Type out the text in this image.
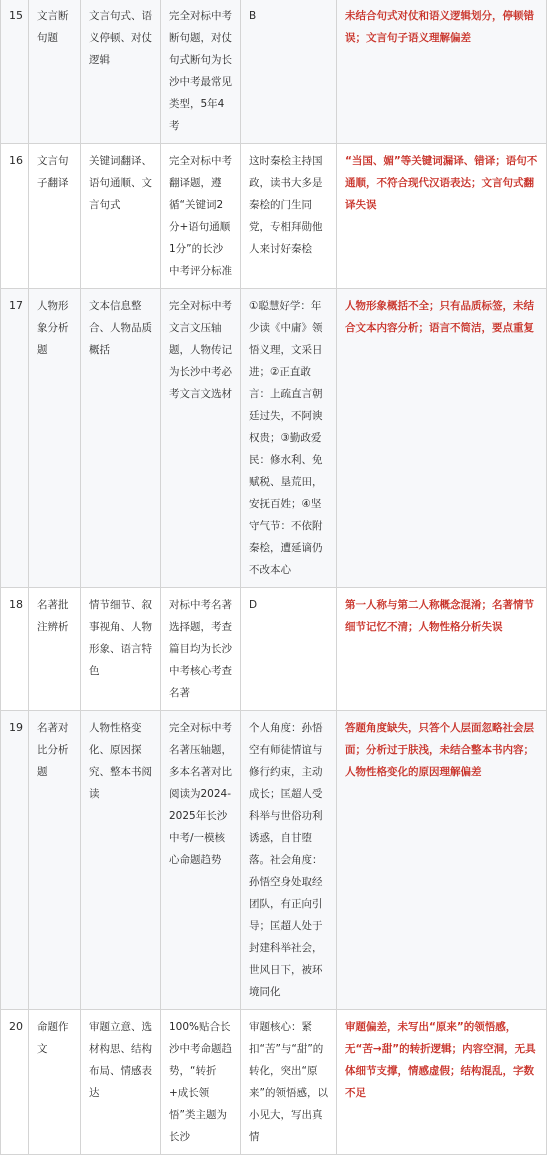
15	文言断句题	文言句式、语义停顿、对仗逻辑	完全对标中考断句题，对仗句式断句为长沙中考最常见类型，5年4考	B	未结合句式对仗和语义逻辑划分，停顿错误；文言句子语义理解偏差
16	文言句子翻译	关键词翻译、语句通顺、文言句式	完全对标中考翻译题，遵循“关键词2分+语句通顺1分”的长沙中考评分标准	这时秦桧主持国政，读书大多是秦桧的门生同党，专相拜勋他人来讨好秦桧	“当国、媚”等关键词漏译、错译；语句不通顺，不符合现代汉语表达；文言句式翻译失误
17	人物形象分析题	文本信息整合、人物品质概括	完全对标中考文言文压轴题，人物传记为长沙中考必考文言文选材	①聪慧好学：年少读《中庸》领悟义理，文采日进；②正直敢言：上疏直言朝廷过失，不阿谀权贵；③勤政爱民：修水利、免赋税、垦荒田，安抚百姓；④坚守气节：不依附秦桧，遭延谪仍不改本心	人物形象概括不全；只有品质标签，未结合文本内容分析；语言不简洁，要点重复
18	名著批注辨析	情节细节、叙事视角、人物形象、语言特色	对标中考名著选择题，考查篇目均为长沙中考核心考查名著	D	第一人称与第二人称概念混淆；名著情节细节记忆不清；人物性格分析失误
19	名著对比分析题	人物性格变化、原因探究、整本书阅读	完全对标中考名著压轴题，多本名著对比阅读为2024-2025年长沙中考/一模核心命题趋势	个人角度：孙悟空有师徒情谊与修行约束，主动成长；匡超人受科举与世俗功利诱惑，自甘堕落。社会角度：孙悟空身处取经团队，有正向引导；匡超人处于封建科举社会，世风日下，被环境同化	答题角度缺失，只答个人层面忽略社会层面；分析过于肤浅，未结合整本书内容；人物性格变化的原因理解偏差
20	命题作文	审题立意、选材构思、结构布局、情感表达	100%贴合长沙中考命题趋势，“转折+成长领悟”类主题为长沙	审题核心：紧扣“苦”与“甜”的转化，突出“原来”的领悟感，以小见大，写出真情	审题偏差，未写出“原来”的领悟感，无“苦→甜”的转折逻辑；内容空洞，无具体细节支撑，情感虚假；结构混乱，字数不足
